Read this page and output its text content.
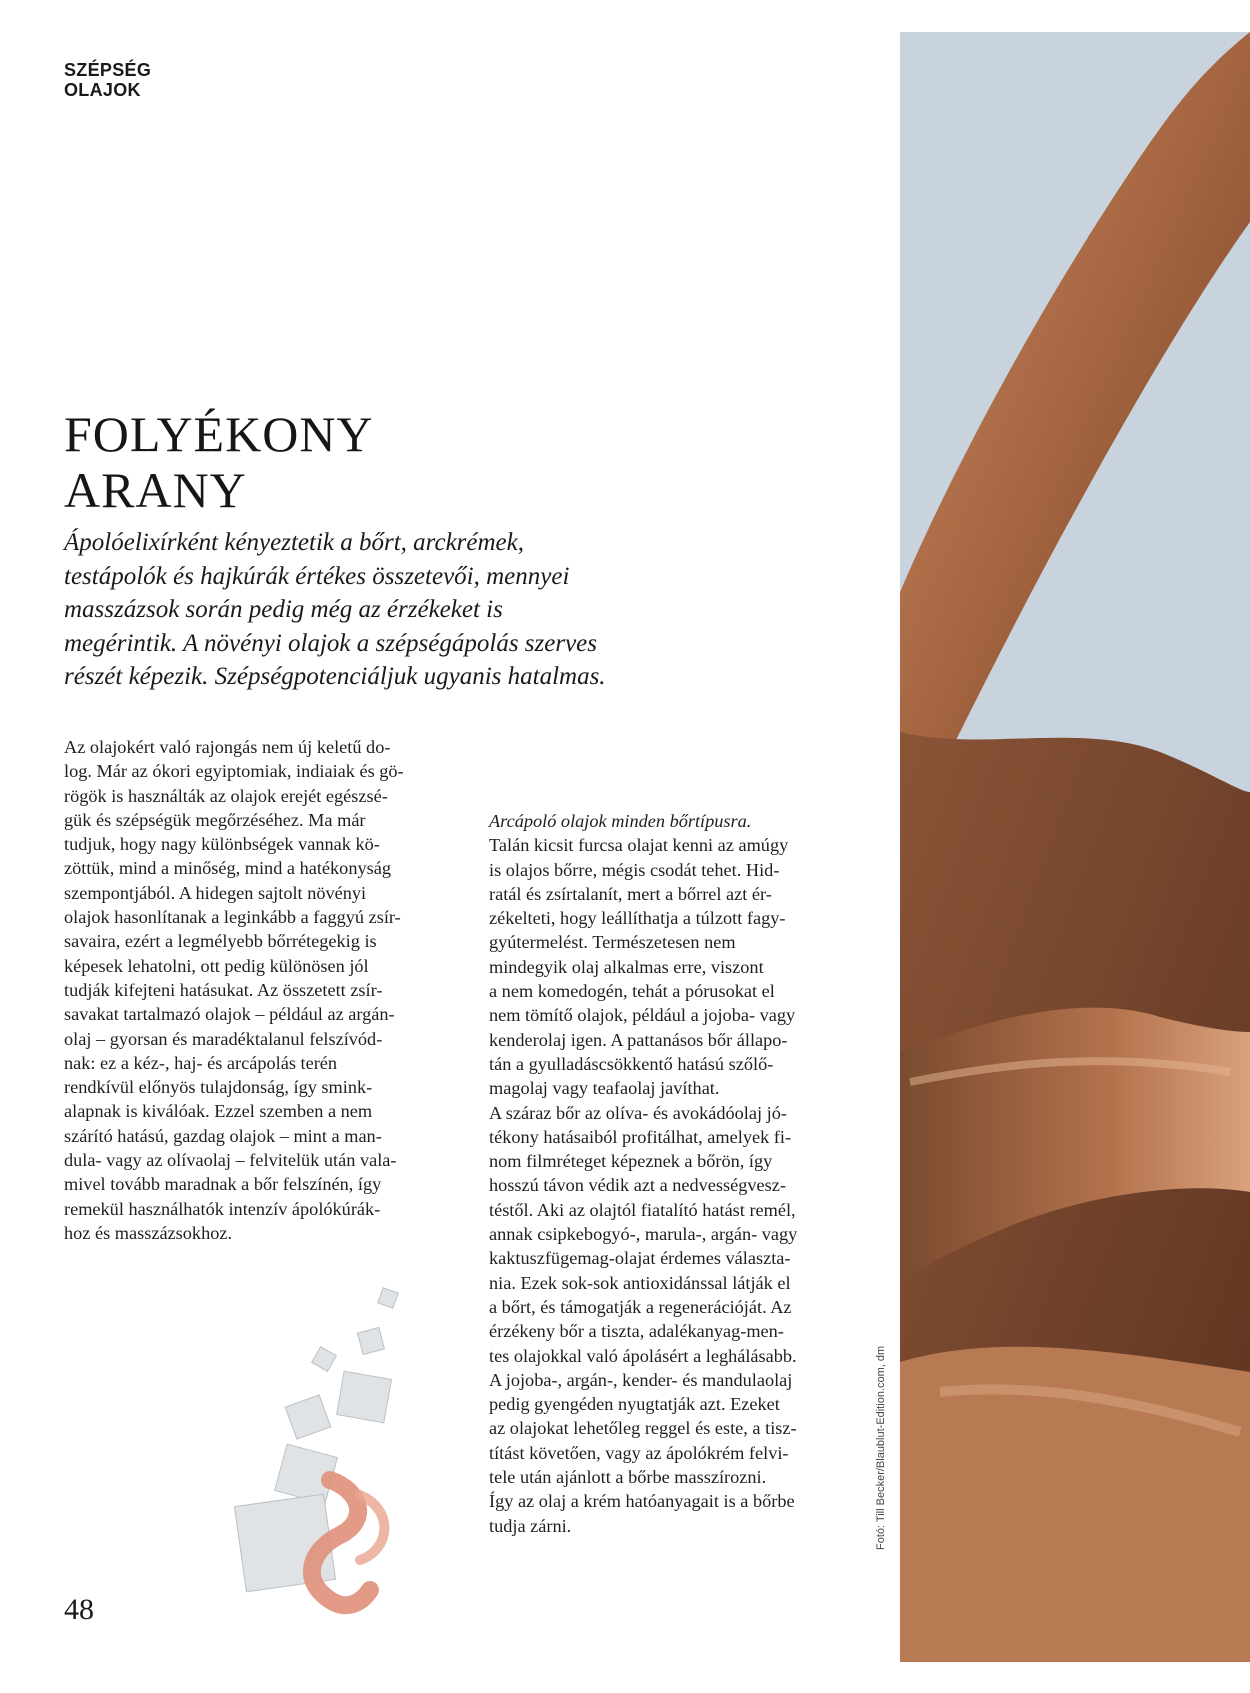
SZÉPSÉG
OLAJOK
FOLYÉKONY
ARANY
Ápolóelixírként kényeztetik a bőrt, arckrémek,
testápolók és hajkúrák értékes összetevői, mennyei
masszázsok során pedig még az érzékeket is
megérintik. A növényi olajok a szépségápolás szerves
részét képezik. Szépségpotenciáljuk ugyanis hatalmas.
Az olajokért való rajongás nem új keletű do-
log. Már az ókori egyiptomiak, indiaiak és gö-
rögök is használták az olajok erejét egészsé-
gük és szépségük megőrzéséhez. Ma már
tudjuk, hogy nagy különbségek vannak kö-
zöttük, mind a minőség, mind a hatékonyság
szempontjából. A hidegen sajtolt növényi
olajok hasonlítanak a leginkább a faggyú zsír-
savaira, ezért a legmélyebb bőrrétegekig is
képesek lehatolni, ott pedig különösen jól
tudják kifejteni hatásukat. Az összetett zsír-
savakat tartalmazó olajok – például az argán-
olaj – gyorsan és maradéktalanul felszívód-
nak: ez a kéz-, haj- és arcápolás terén
rendkívül előnyös tulajdonság, így smink-
alapnak is kiválóak. Ezzel szemben a nem
szárító hatású, gazdag olajok – mint a man-
dula- vagy az olívaolaj – felvitelük után vala-
mivel tovább maradnak a bőr felszínén, így
remekül használhatók intenzív ápolókúrák-
hoz és masszázsokhoz.
Arcápoló olajok minden bőrtípusra.
Talán kicsit furcsa olajat kenni az amúgy
is olajos bőrre, mégis csodát tehet. Hid-
ratál és zsírtalanít, mert a bőrrel azt ér-
zékelteti, hogy leállíthatja a túlzott fagy-
gyútermelést. Természetesen nem
mindegyik olaj alkalmas erre, viszont
a nem komedogén, tehát a pórusokat el
nem tömítő olajok, például a jojoba- vagy
kenderolaj igen. A pattanásos bőr állapo-
tán a gyulladáscsökkentő hatású szőlő-
magolaj vagy teafaolaj javíthat.
A száraz bőr az olíva- és avokádóolaj jó-
tékony hatásaiból profitálhat, amelyek fi-
nom filmréteget képeznek a bőrön, így
hosszú távon védik azt a nedvességvesz-
téstől. Aki az olajtól fiatalító hatást remél,
annak csipkebogyó-, marula-, argán- vagy
kaktuszfügemag-olajat érdemes választa-
nia. Ezek sok-sok antioxidánssal látják el
a bőrt, és támogatják a regenerációját. Az
érzékeny bőr a tiszta, adalékanyag-men-
tes olajokkal való ápolásért a leghálásabb.
A jojoba-, argán-, kender- és mandulaolaj
pedig gyengéden nyugtatják azt. Ezeket
az olajokat lehetőleg reggel és este, a tisz-
títást követően, vagy az ápolókrém felvi-
tele után ajánlott a bőrbe masszírozni.
Így az olaj a krém hatóanyagait is a bőrbe
tudja zárni.	Fotó: Till Becker/Blaublut-Edition.com, dm
48
